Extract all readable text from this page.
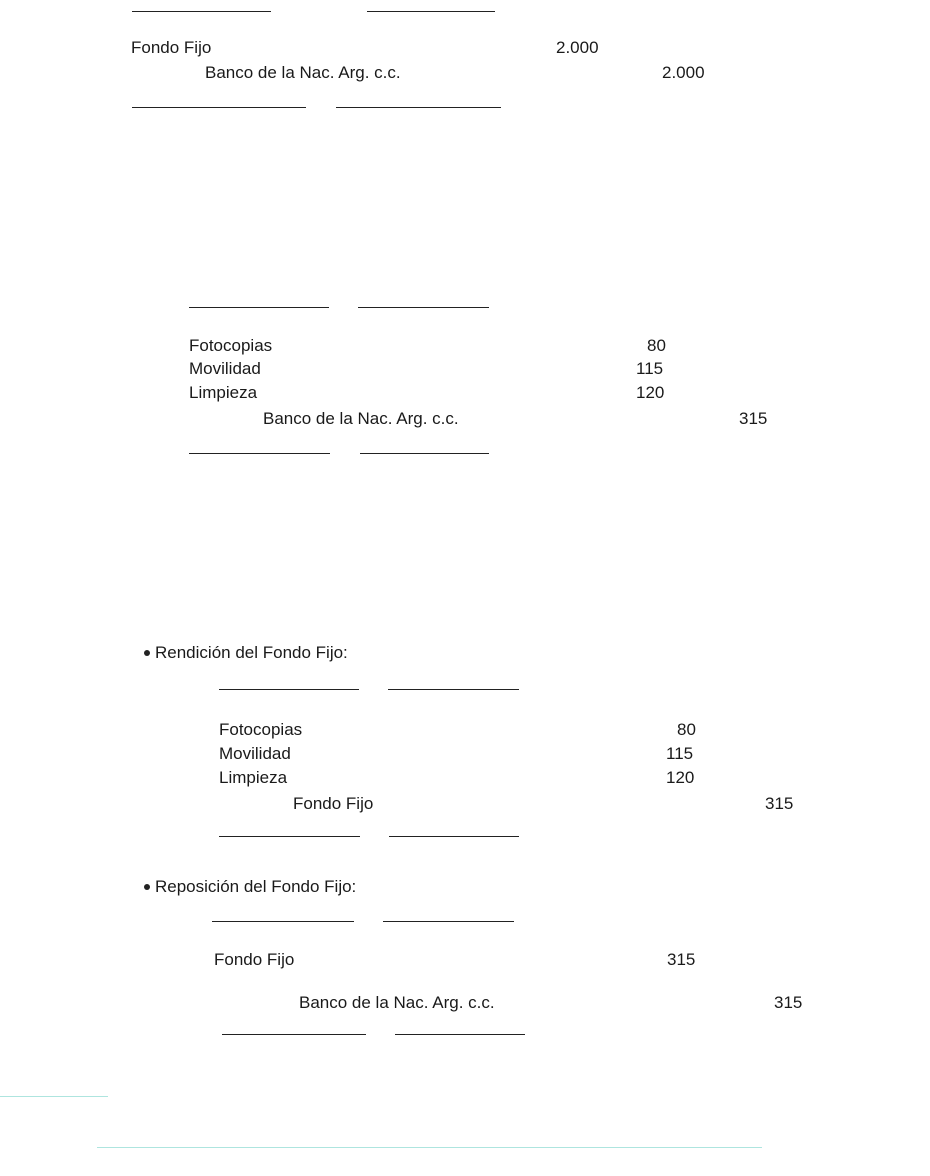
Fondo Fijo	2.000
Banco de la Nac. Arg. c.c.	2.000
Fotocopias	80
Movilidad	115
Limpieza	120
Banco de la Nac. Arg. c.c.	315
Rendición del Fondo Fijo:
Fotocopias	80
Movilidad	115
Limpieza	120
Fondo Fijo	315
Reposición del Fondo Fijo:
Fondo Fijo	315
Banco de la Nac. Arg. c.c.	315
